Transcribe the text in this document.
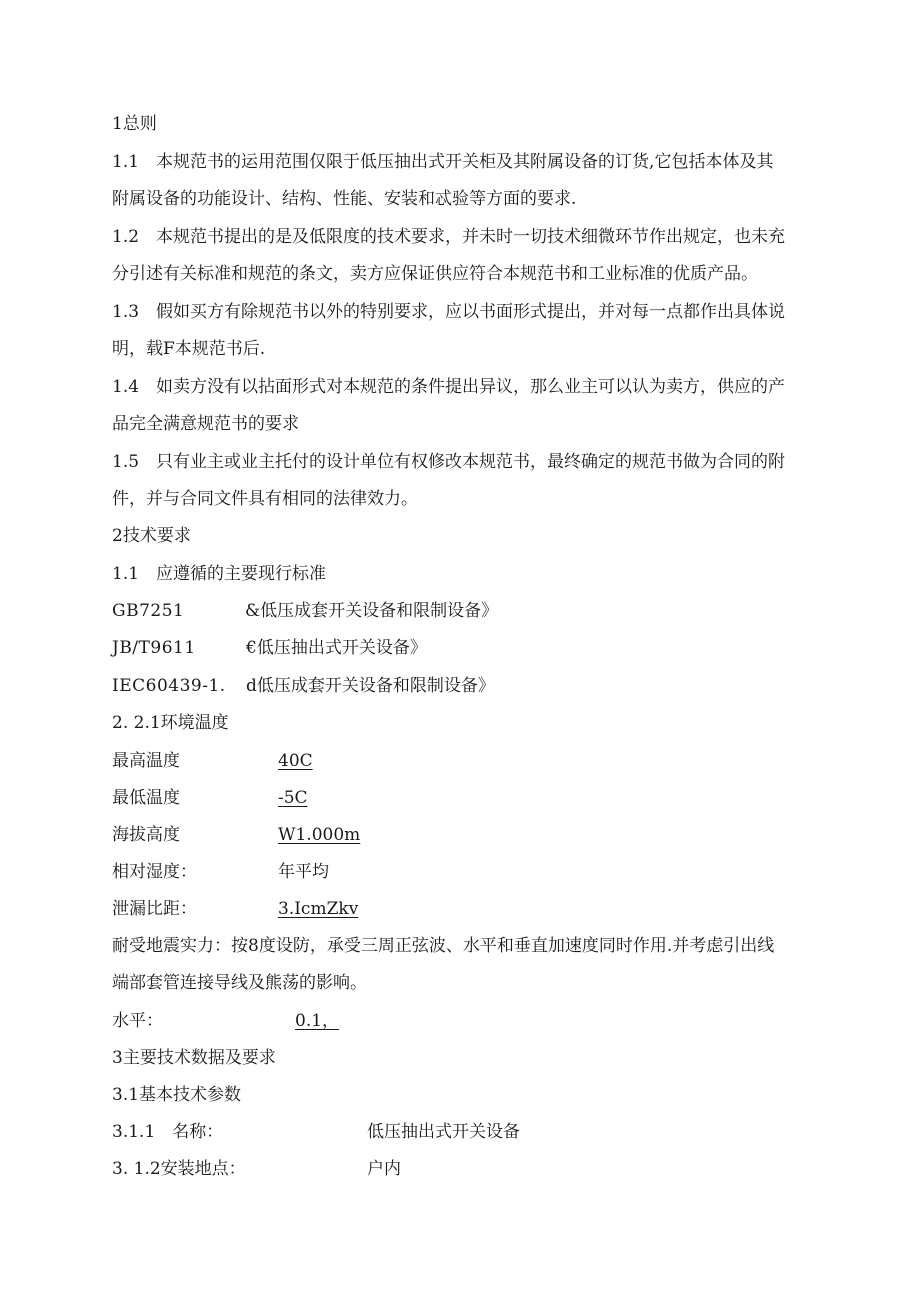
1总则
1.1　本规范书的运用范围仅限于低压抽出式开关柜及其附属设备的订货,它包括本体及其
附属设备的功能设计、结构、性能、安装和忒验等方面的要求.
1.2　本规范书提出的是及低限度的技术要求，并未时一切技术细微环节作出规定，也未充
分引述有关标准和规范的条文，卖方应保证供应符合本规范书和工业标准的优质产品。
1.3　假如买方有除规范书以外的特别要求，应以书面形式提出，并对每一点都作出具体说
明，载F本规范书后.
1.4　如卖方没有以拈面形式对本规范的条件提出异议，那么业主可以认为卖方，供应的产
品完全满意规范书的要求
1.5　只有业主或业主托付的设计单位有权修改本规范书，最终确定的规范书做为合同的附
件，并与合同文件具有相同的法律效力。
2技术要求
1.1　应遵循的主要现行标准
GB7251	&低压成套开关设备和限制设备》
JB/T9611	€低压抽出式开关设备》
IEC60439-1. d低压成套开关设备和限制设备》
2. 2.1环境温度
最高温度	40C
最低温度	-5C
海拔高度	W1.000m
相对湿度：	年平均
泄漏比距：	3.IcmZkv
耐受地震实力：按8度设防，承受三周正弦波、水平和垂直加速度同时作用.并考虑引出线
端部套管连接导线及熊荡的影响。
水平：	0.1，
3主要技术数据及要求
3.1基本技术参数
3.1.1　名称：	低压抽出式开关设备
3. 1.2安装地点：	户内
